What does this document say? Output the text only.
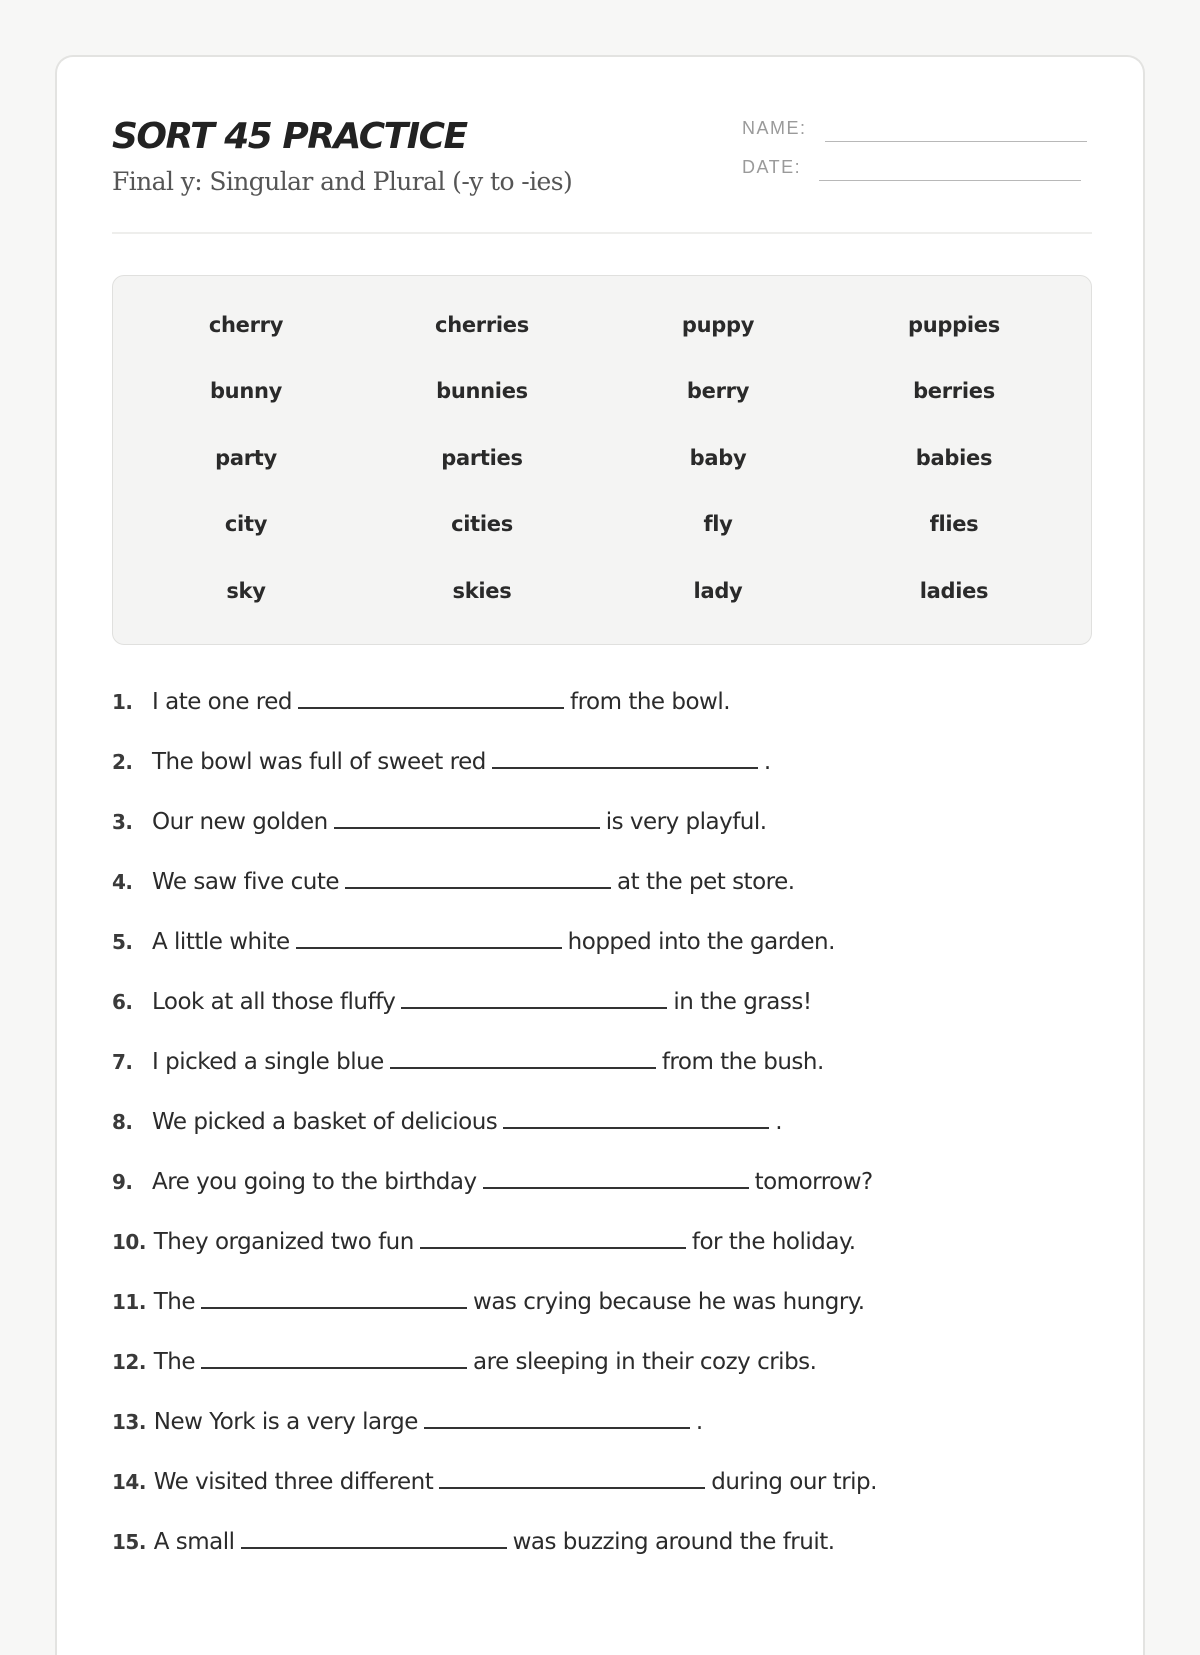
SORT 45 PRACTICE
Final y: Singular and Plural (-y to -ies)
NAME:
DATE:
cherry	cherries	puppy	puppies
bunny	bunnies	berry	berries
party	parties	baby	babies
city	cities	fly	flies
sky	skies	lady	ladies
1. I ate one red	from the bowl.
2. The bowl was full of sweet red	.
3. Our new golden	is very playful.
4. We saw five cute	at the pet store.
5. A little white	hopped into the garden.
6. Look at all those fluffy	in the grass!
7. I picked a single blue	from the bush.
8. We picked a basket of delicious	.
9. Are you going to the birthday	tomorrow?
10. They organized two fun	for the holiday.
11. The	was crying because he was hungry.
12. The	are sleeping in their cozy cribs.
13. New York is a very large	.
14. We visited three different	during our trip.
15. A small	was buzzing around the fruit.
